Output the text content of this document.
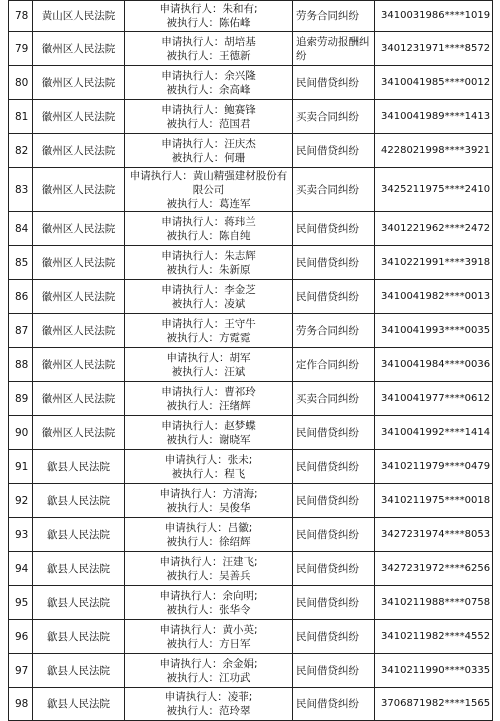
78	黄山区人民法院	申请执行人：朱和有;
被执行人：陈佑峰	劳务合同纠纷	3410031986****1019
79	徽州区人民法院	申请执行人：胡培基
被执行人：王德新	追索劳动报酬纠纷	3401231971****8572
80	徽州区人民法院	申请执行人：余兴隆
被执行人：余高峰	民间借贷纠纷	3410041985****0012
81	徽州区人民法院	申请执行人：鲍赛锋
被执行人：范国君	买卖合同纠纷	3410041989****1413
82	徽州区人民法院	申请执行人：汪庆杰
被执行人：何珊	民间借贷纠纷	4228021998****3921
83	徽州区人民法院	申请执行人：黄山精强建材股份有限公司
被执行人：葛连军	买卖合同纠纷	3425211975****2410
84	徽州区人民法院	申请执行人：蒋玮兰
被执行人：陈自纯	民间借贷纠纷	3401221962****2472
85	徽州区人民法院	申请执行人：朱志辉
被执行人：朱新原	民间借贷纠纷	3410221991****3918
86	徽州区人民法院	申请执行人：李金芝
被执行人：凌斌	民间借贷纠纷	3410041982****0013
87	徽州区人民法院	申请执行人：王守牛
被执行人：方霓霓	劳务合同纠纷	3410041993****0035
88	徽州区人民法院	申请执行人：胡军
被执行人：汪斌	定作合同纠纷	3410041984****0036
89	徽州区人民法院	申请执行人：曹祁玲
被执行人：汪绪辉	买卖合同纠纷	3410041977****0612
90	徽州区人民法院	申请执行人：赵梦蝶
被执行人：谢晓军	民间借贷纠纷	3410041992****1414
91	歙县人民法院	申请执行人：张未;
被执行人：程飞	民间借贷纠纷	3410211979****0479
92	歙县人民法院	申请执行人：方清海;
被执行人：吴俊华	民间借贷纠纷	3410211975****0018
93	歙县人民法院	申请执行人：吕徽;
被执行人：徐绍辉	民间借贷纠纷	3427231974****8053
94	歙县人民法院	申请执行人：汪建飞;
被执行人：吴善兵	民间借贷纠纷	3427231972****6256
95	歙县人民法院	申请执行人：余向明;
被执行人：张华令	民间借贷纠纷	3410211988****0758
96	歙县人民法院	申请执行人：黄小英;
被执行人：方日军	民间借贷纠纷	3410211982****4552
97	歙县人民法院	申请执行人：余金娟;
被执行人：江功武	民间借贷纠纷	3410211990****0335
98	歙县人民法院	申请执行人：凌菲;
被执行人：范玲翠	民间借贷纠纷	3706871982****1565
